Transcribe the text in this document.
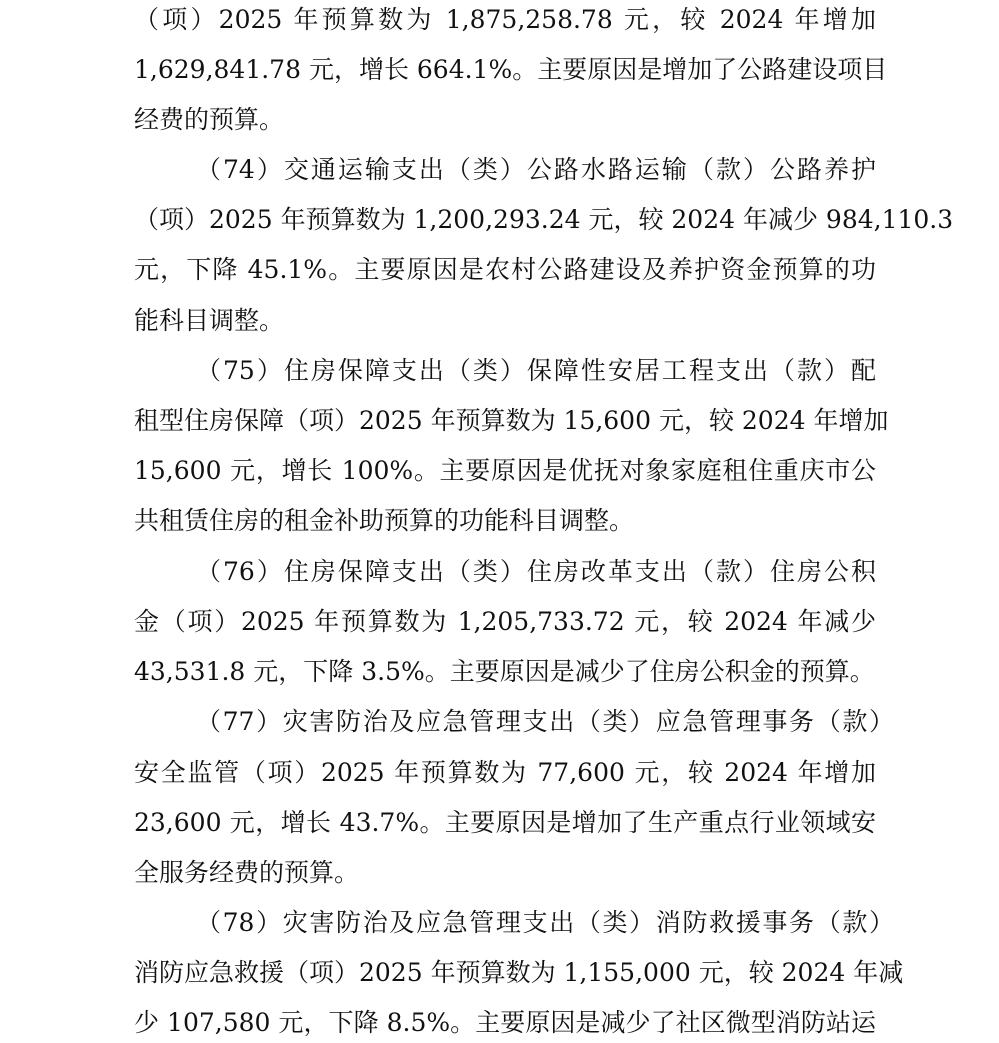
（项）2025 年预算数为 1,875,258.78 元，较 2024 年增加
1,629,841.78 元，增长 664.1%。主要原因是增加了公路建设项目
经费的预算。
（74）交通运输支出（类）公路水路运输（款）公路养护
（项）2025 年预算数为 1,200,293.24 元，较 2024 年减少 984,110.3
元，下降 45.1%。主要原因是农村公路建设及养护资金预算的功
能科目调整。
（75）住房保障支出（类）保障性安居工程支出（款）配
租型住房保障（项）2025 年预算数为 15,600 元，较 2024 年增加
15,600 元，增长 100%。主要原因是优抚对象家庭租住重庆市公
共租赁住房的租金补助预算的功能科目调整。
（76）住房保障支出（类）住房改革支出（款）住房公积
金（项）2025 年预算数为 1,205,733.72 元，较 2024 年减少
43,531.8 元，下降 3.5%。主要原因是减少了住房公积金的预算。
（77）灾害防治及应急管理支出（类）应急管理事务（款）
安全监管（项）2025 年预算数为 77,600 元，较 2024 年增加
23,600 元，增长 43.7%。主要原因是增加了生产重点行业领域安
全服务经费的预算。
（78）灾害防治及应急管理支出（类）消防救援事务（款）
消防应急救援（项）2025 年预算数为 1,155,000 元，较 2024 年减
少 107,580 元，下降 8.5%。主要原因是减少了社区微型消防站运
